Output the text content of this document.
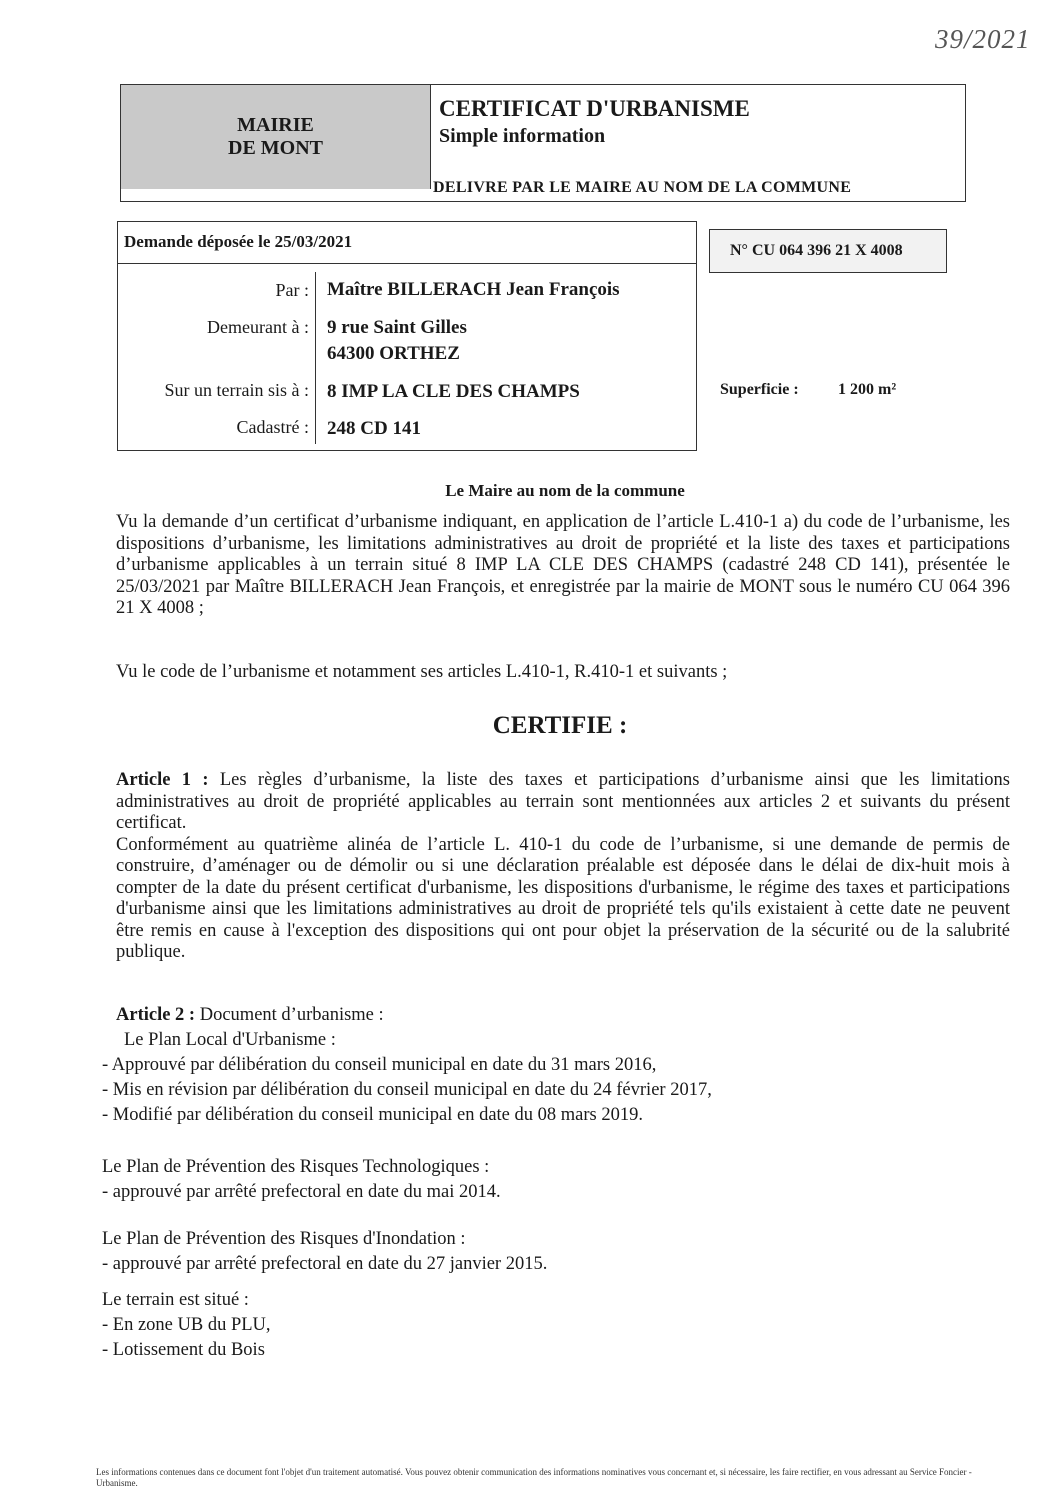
39/2021
MAIRIE
DE MONT
CERTIFICAT D'URBANISME
Simple information
DELIVRE PAR LE MAIRE AU NOM DE LA COMMUNE
Demande déposée le 25/03/2021
Par : Maître BILLERACH Jean François
Demeurant à : 9 rue Saint Gilles
64300 ORTHEZ
Sur un terrain sis à : 8 IMP LA CLE DES CHAMPS
Cadastré : 248 CD 141
N° CU 064 396 21 X 4008
Superficie : 1 200 m²
Le Maire au nom de la commune

Vu la demande d’un certificat d’urbanisme indiquant, en application de l’article L.410-1 a) du code de l’urbanisme, les dispositions d’urbanisme, les limitations administratives au droit de propriété et la liste des taxes et participations d’urbanisme applicables à un terrain situé 8 IMP LA CLE DES CHAMPS (cadastré 248 CD 141), présentée le 25/03/2021 par Maître BILLERACH Jean François, et enregistrée par la mairie de MONT sous le numéro CU 064 396 21 X 4008 ;

Vu le code de l’urbanisme et notamment ses articles L.410-1, R.410-1 et suivants ;

CERTIFIE :

Article 1 : Les règles d’urbanisme, la liste des taxes et participations d’urbanisme ainsi que les limitations administratives au droit de propriété applicables au terrain sont mentionnées aux articles 2 et suivants du présent certificat.

Conformément au quatrième alinéa de l’article L. 410-1 du code de l’urbanisme, si une demande de permis de construire, d’aménager ou de démolir ou si une déclaration préalable est déposée dans le délai de dix-huit mois à compter de la date du présent certificat d'urbanisme, les dispositions d'urbanisme, le régime des taxes et participations d'urbanisme ainsi que les limitations administratives au droit de propriété tels qu'ils existaient à cette date ne peuvent être remis en cause à l'exception des dispositions qui ont pour objet la préservation de la sécurité ou de la salubrité publique.

Article 2 : Document d’urbanisme :
Le Plan Local d'Urbanisme :
- Approuvé par délibération du conseil municipal en date du 31 mars 2016,
- Mis en révision par délibération du conseil municipal en date du 24 février 2017,
- Modifié par délibération du conseil municipal en date du 08 mars 2019.
Le Plan de Prévention des Risques Technologiques :
- approuvé par arrêté prefectoral en date du mai 2014.
Le Plan de Prévention des Risques d'Inondation :
- approuvé par arrêté prefectoral en date du 27 janvier 2015.
Le terrain est situé :
- En zone UB du PLU,
- Lotissement du Bois
Les informations contenues dans ce document font l'objet d'un traitement automatisé. Vous pouvez obtenir communication des informations nominatives vous concernant et, si nécessaire, les faire rectifier, en vous adressant au Service Foncier - Urbanisme.
